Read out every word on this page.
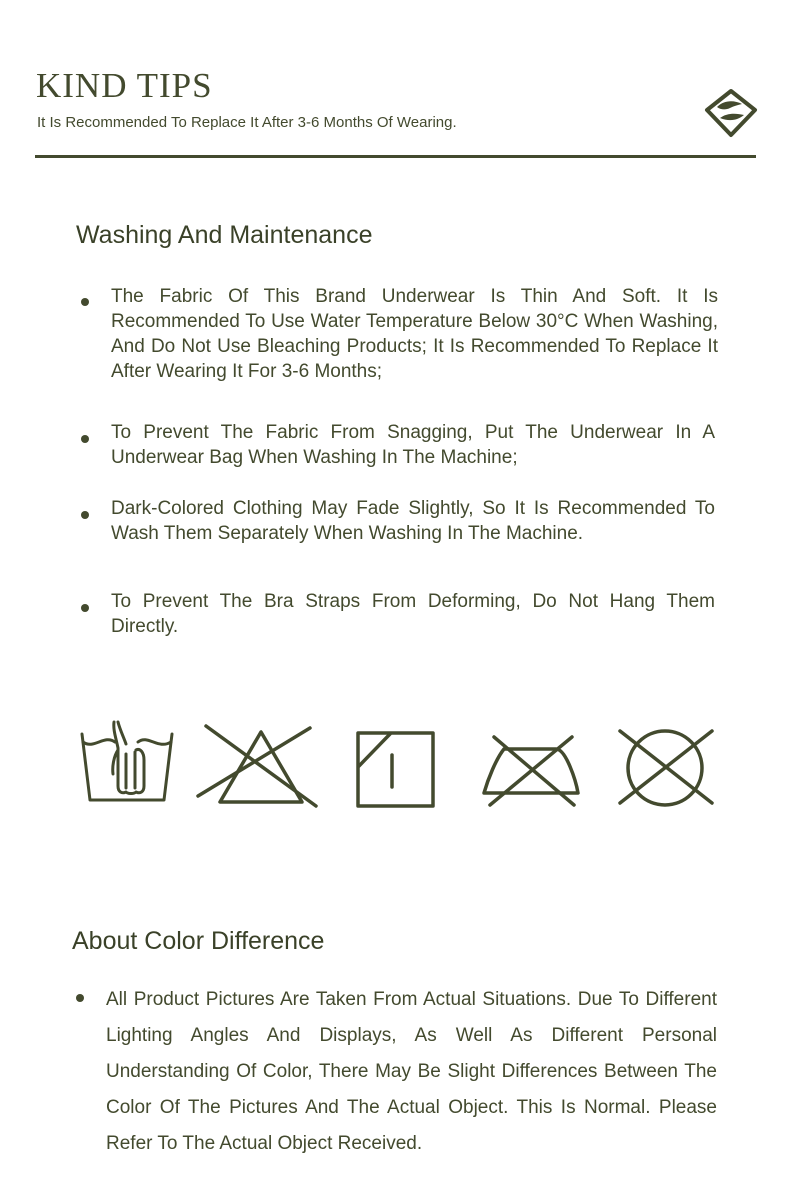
KIND TIPS
It Is Recommended To Replace It After 3-6 Months Of Wearing.
Washing And Maintenance
The Fabric Of This Brand Underwear Is Thin And Soft. It Is Recommended To Use Water Temperature Below 30°C When Washing, And Do Not Use Bleaching Products; It Is Recommended To Replace It After Wearing It For 3-6 Months;
To Prevent The Fabric From Snagging, Put The Underwear In A Underwear Bag When Washing In The Machine;
Dark-Colored Clothing May Fade Slightly, So It Is Recommended To Wash Them Separately When Washing In The Machine.
To Prevent The Bra Straps From Deforming, Do Not Hang Them Directly.
About Color Difference
All Product Pictures Are Taken From Actual Situations. Due To Different Lighting Angles And Displays, As Well As Different Personal Understanding Of Color, There May Be Slight Differences Between The Color Of The Pictures And The Actual Object. This Is Normal. Please Refer To The Actual Object Received.
